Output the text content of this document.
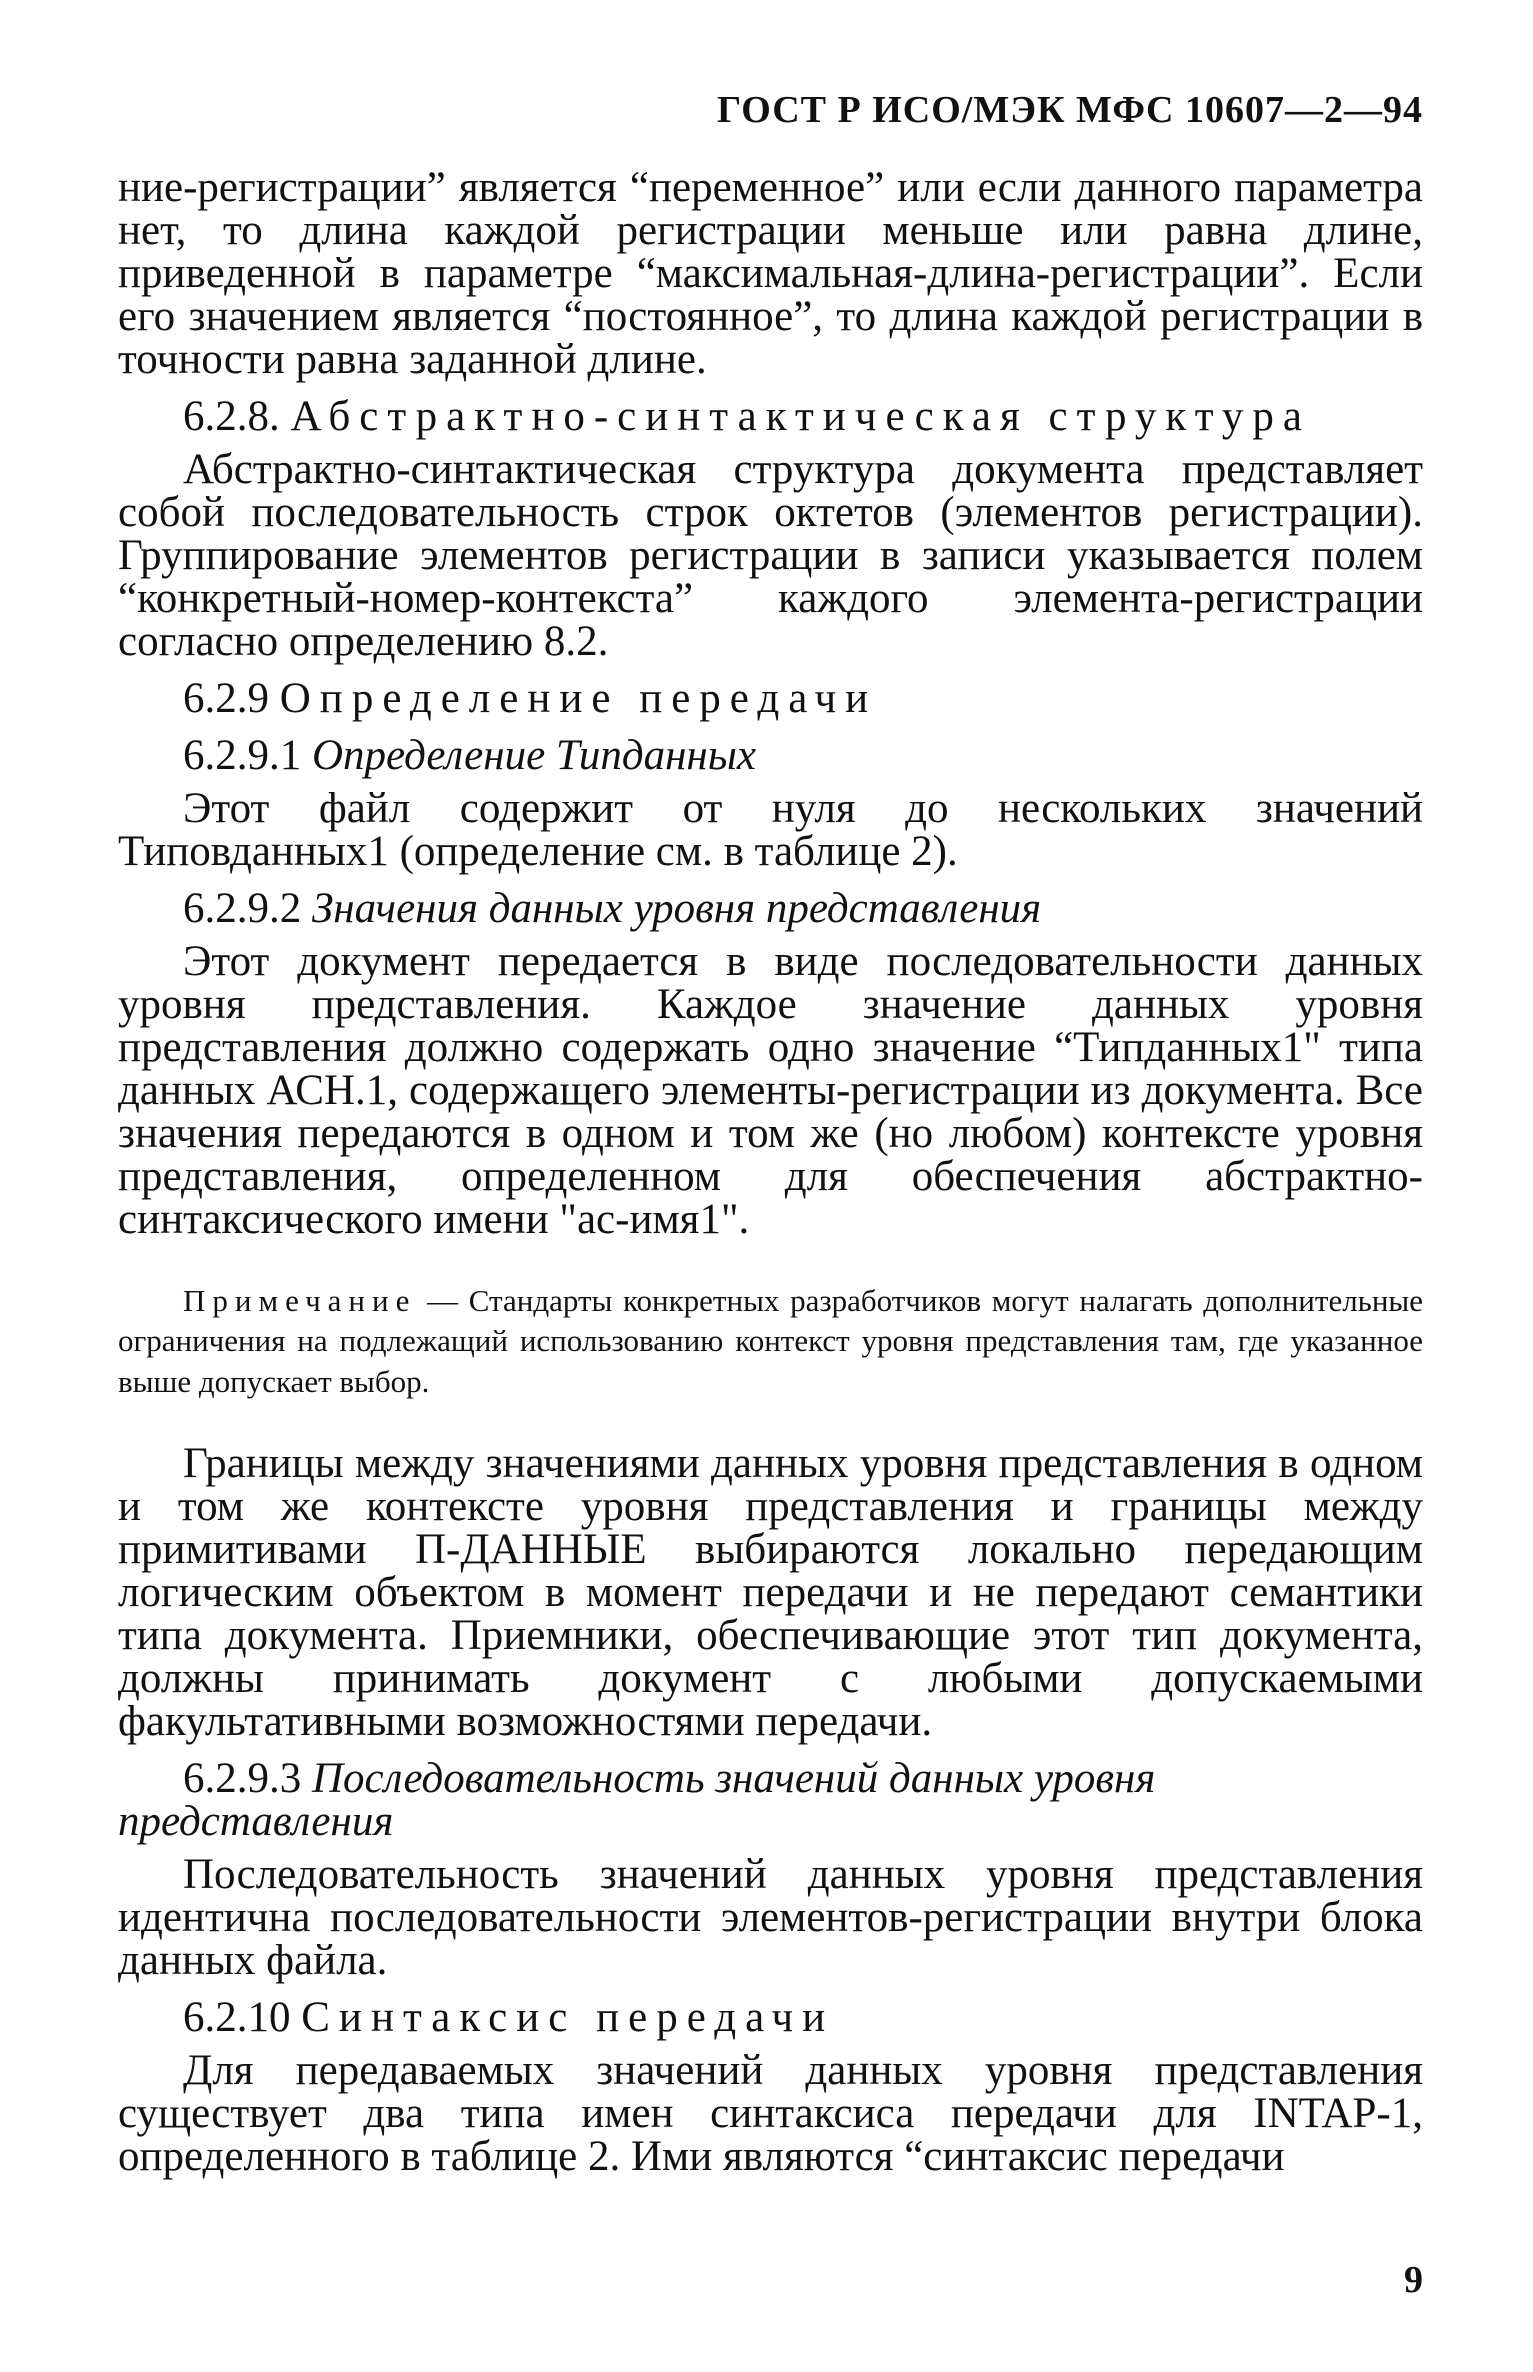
ГОСТ Р ИСО/МЭК МФС 10607—2—94

ние-регистрации” является “переменное” или если данного параметра нет, то длина каждой регистрации меньше или равна длине, приведенной в параметре “максимальная-длина-регистрации”. Если его значением является “постоянное”, то длина каждой регистрации в точности равна заданной длине.

6.2.8. Абстрактно-синтактическая структура

Абстрактно-синтактическая структура документа представляет собой последовательность строк октетов (элементов регистрации). Группирование элементов регистрации в записи указывается полем “конкретный-номер-контекста” каждого элемента-регистрации согласно определению 8.2.

6.2.9 Определение передачи
6.2.9.1 Определение Типданных

Этот файл содержит от нуля до нескольких значений Типовданных1 (определение см. в таблице 2).

6.2.9.2 Значения данных уровня представления

Этот документ передается в виде последовательности данных уровня представления. Каждое значение данных уровня представления должно содержать одно значение “Типданных1" типа данных АСН.1, содержащего элементы-регистрации из документа. Все значения передаются в одном и том же (но любом) контексте уровня представления, определенном для обеспечения абстрактно-синтаксического имени "ас-имя1".

Примечание — Стандарты конкретных разработчиков могут налагать дополнительные ограничения на подлежащий использованию контекст уровня представления там, где указанное выше допускает выбор.

Границы между значениями данных уровня представления в одном и том же контексте уровня представления и границы между примитивами П-ДАННЫЕ выбираются локально передающим логическим объектом в момент передачи и не передают семантики типа документа. Приемники, обеспечивающие этот тип документа, должны принимать документ с любыми допускаемыми факультативными возможностями передачи.

6.2.9.3 Последовательность значений данных уровня представления

Последовательность значений данных уровня представления идентична последовательности элементов-регистрации внутри блока данных файла.

6.2.10 Синтаксис передачи

Для передаваемых значений данных уровня представления существует два типа имен синтаксиса передачи для INTAP-1, определенного в таблице 2. Ими являются “синтаксис передачи

9
